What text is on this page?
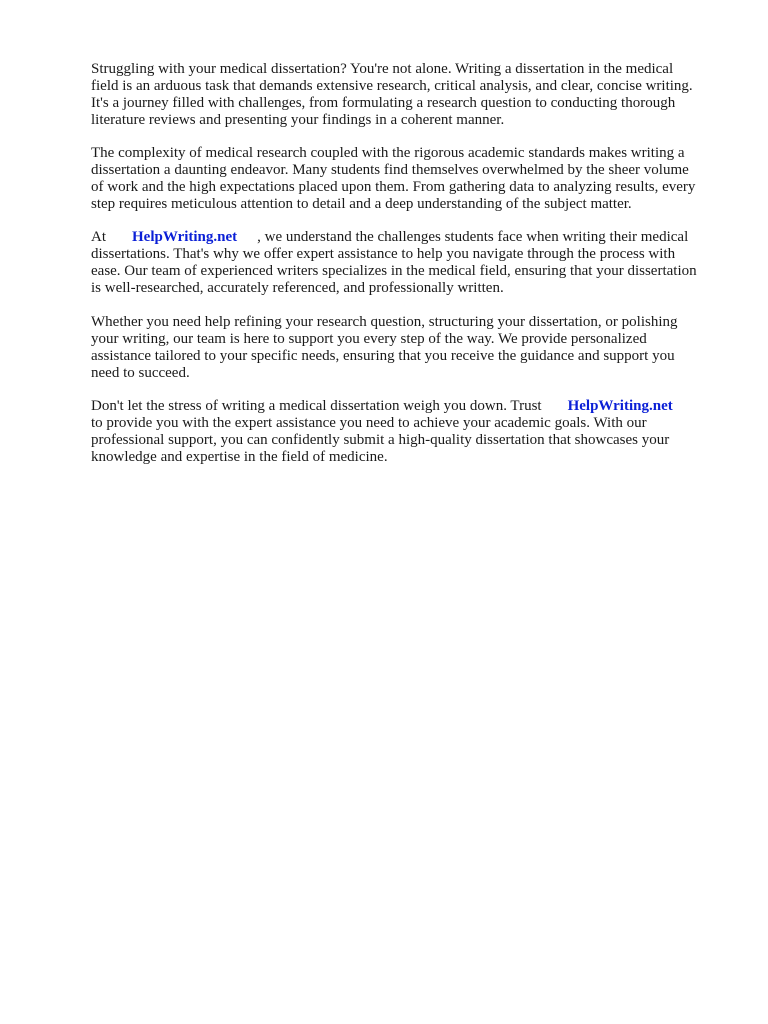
Struggling with your medical dissertation? You're not alone. Writing a dissertation in the medical
field is an arduous task that demands extensive research, critical analysis, and clear, concise writing.
It's a journey filled with challenges, from formulating a research question to conducting thorough
literature reviews and presenting your findings in a coherent manner.

The complexity of medical research coupled with the rigorous academic standards makes writing a
dissertation a daunting endeavor. Many students find themselves overwhelmed by the sheer volume
of work and the high expectations placed upon them. From gathering data to analyzing results, every
step requires meticulous attention to detail and a deep understanding of the subject matter.

At HelpWriting.net , we understand the challenges students face when writing their medical
dissertations. That's why we offer expert assistance to help you navigate through the process with
ease. Our team of experienced writers specializes in the medical field, ensuring that your dissertation
is well-researched, accurately referenced, and professionally written.

Whether you need help refining your research question, structuring your dissertation, or polishing
your writing, our team is here to support you every step of the way. We provide personalized
assistance tailored to your specific needs, ensuring that you receive the guidance and support you
need to succeed.

Don't let the stress of writing a medical dissertation weigh you down. Trust HelpWriting.net
to provide you with the expert assistance you need to achieve your academic goals. With our
professional support, you can confidently submit a high-quality dissertation that showcases your
knowledge and expertise in the field of medicine.
